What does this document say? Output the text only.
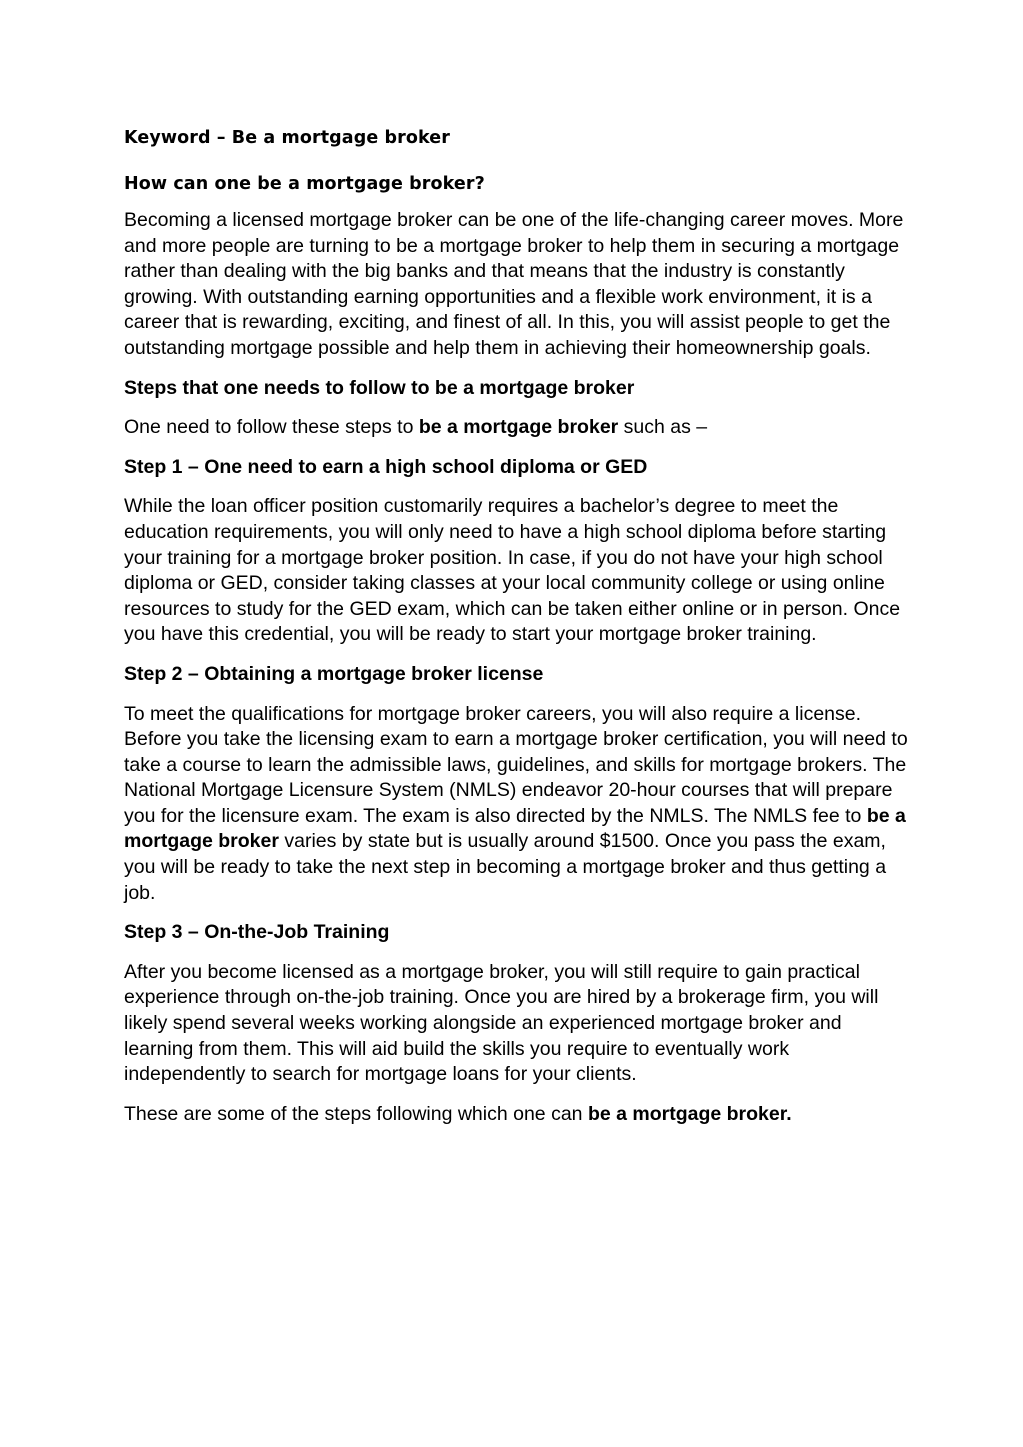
Keyword – Be a mortgage broker
How can one be a mortgage broker?

Becoming a licensed mortgage broker can be one of the life-changing career moves. More and more people are turning to be a mortgage broker to help them in securing a mortgage rather than dealing with the big banks and that means that the industry is constantly growing. With outstanding earning opportunities and a flexible work environment, it is a career that is rewarding, exciting, and finest of all. In this, you will assist people to get the outstanding mortgage possible and help them in achieving their homeownership goals.

Steps that one needs to follow to be a mortgage broker

One need to follow these steps to be a mortgage broker such as –

Step 1 – One need to earn a high school diploma or GED

While the loan officer position customarily requires a bachelor’s degree to meet the education requirements, you will only need to have a high school diploma before starting your training for a mortgage broker position. In case, if you do not have your high school diploma or GED, consider taking classes at your local community college or using online resources to study for the GED exam, which can be taken either online or in person. Once you have this credential, you will be ready to start your mortgage broker training.

Step 2 – Obtaining a mortgage broker license

To meet the qualifications for mortgage broker careers, you will also require a license. Before you take the licensing exam to earn a mortgage broker certification, you will need to take a course to learn the admissible laws, guidelines, and skills for mortgage brokers. The National Mortgage Licensure System (NMLS) endeavor 20-hour courses that will prepare you for the licensure exam. The exam is also directed by the NMLS. The NMLS fee to be a mortgage broker varies by state but is usually around $1500. Once you pass the exam, you will be ready to take the next step in becoming a mortgage broker and thus getting a job.

Step 3 – On-the-Job Training

After you become licensed as a mortgage broker, you will still require to gain practical experience through on-the-job training. Once you are hired by a brokerage firm, you will likely spend several weeks working alongside an experienced mortgage broker and learning from them. This will aid build the skills you require to eventually work independently to search for mortgage loans for your clients.

These are some of the steps following which one can be a mortgage broker.
